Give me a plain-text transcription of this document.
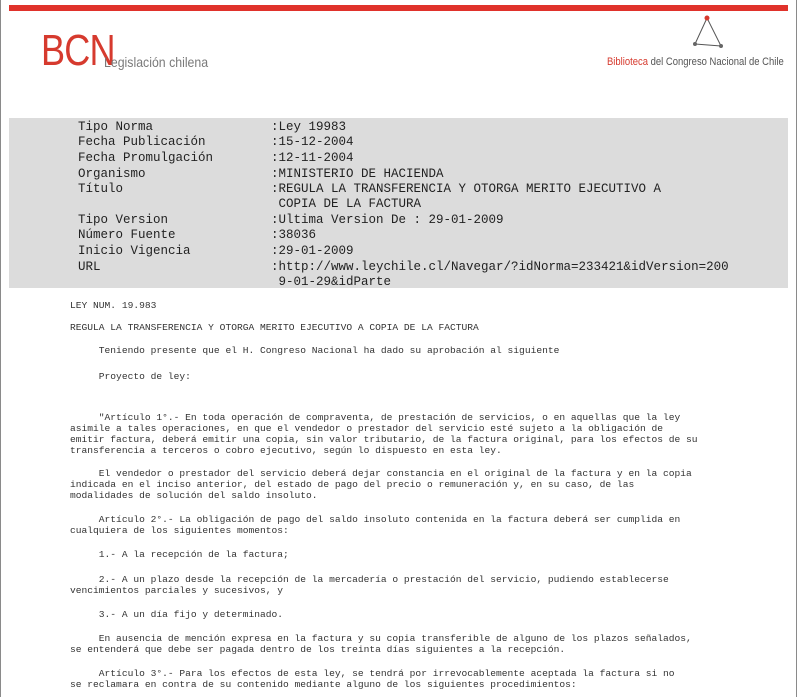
BCN
Legislación chilena	Biblioteca del Congreso Nacional de Chile
Tipo Norma	:Ley 19983
Fecha Publicación	:15-12-2004
Fecha Promulgación	:12-11-2004
Organismo	:MINISTERIO DE HACIENDA
Título	:REGULA LA TRANSFERENCIA Y OTORGA MERITO EJECUTIVO A
COPIA DE LA FACTURA
Tipo Version	:Ultima Version De : 29-01-2009
Número Fuente	:38036
Inicio Vigencia	:29-01-2009
URL	:http://www.leychile.cl/Navegar/?idNorma=233421&idVersion=200
9-01-29&idParte
LEY NUM. 19.983
REGULA LA TRANSFERENCIA Y OTORGA MERITO EJECUTIVO A COPIA DE LA FACTURA
Teniendo presente que el H. Congreso Nacional ha dado su aprobación al siguiente
Proyecto de ley:
"Artículo 1°.- En toda operación de compraventa, de prestación de servicios, o en aquellas que la ley
asimile a tales operaciones, en que el vendedor o prestador del servicio esté sujeto a la obligación de
emitir factura, deberá emitir una copia, sin valor tributario, de la factura original, para los efectos de su
transferencia a terceros o cobro ejecutivo, según lo dispuesto en esta ley.
El vendedor o prestador del servicio deberá dejar constancia en el original de la factura y en la copia
indicada en el inciso anterior, del estado de pago del precio o remuneración y, en su caso, de las
modalidades de solución del saldo insoluto.
Artículo 2°.- La obligación de pago del saldo insoluto contenida en la factura deberá ser cumplida en
cualquiera de los siguientes momentos:
1.- A la recepción de la factura;
2.- A un plazo desde la recepción de la mercadería o prestación del servicio, pudiendo establecerse
vencimientos parciales y sucesivos, y
3.- A un día fijo y determinado.
En ausencia de mención expresa en la factura y su copia transferible de alguno de los plazos señalados,
se entenderá que debe ser pagada dentro de los treinta días siguientes a la recepción.
Artículo 3°.- Para los efectos de esta ley, se tendrá por irrevocablemente aceptada la factura si no
se reclamara en contra de su contenido mediante alguno de los siguientes procedimientos:
